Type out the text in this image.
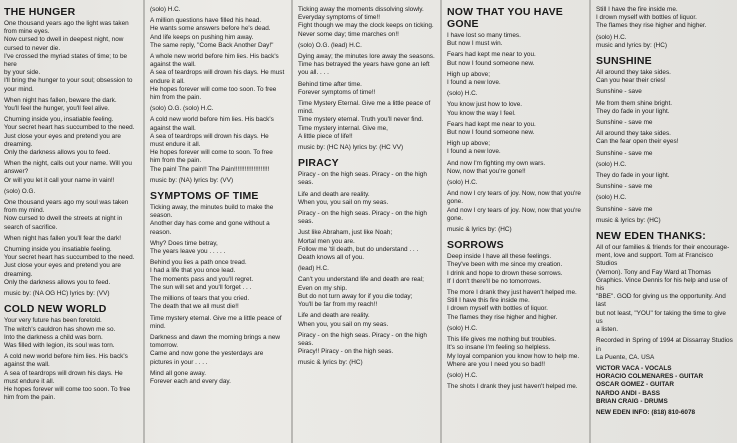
THE HUNGER
One thousand years ago the light was taken
from mine eyes.
Now cursed to dwell in deepest night, now
cursed to never die.
I've crossed the myriad states of time; to be here
by your side.
I'll bring the hunger to your soul; obsession to
your mind.
When night has fallen, beware the dark.
You'll feel the hunger, you'll feel alive.
Churning inside you, insatiable feeling.
Your secret heart has succumbed to the need.
Just close your eyes and pretend you are
dreaming.
Only the darkness allows you to feed.
When the night, calls out your name. Will you
answer?
Or will you let it call your name in vain!!
(solo) O.G.
One thousand years ago my soul was taken
from my mind.
Now cursed to dwell the streets at night in
search of sacrifice.
When night has fallen you'll fear the dark!
Churning inside you insatiable feeling.
Your secret heart has succumbed to the need.
Just close your eyes and pretend you are
dreaming.
Only the darkness allows you to feed.
music by: (NA OG HC) lyrics by: (VV)
COLD NEW WORLD
Your very future has been foretold.
The witch's cauldron has shown me so.
Into the darkness a child was born.
Was filled with legion, its soul was torn.
A cold new world before him lies. His back's
against the wall.
A sea of teardrops will drown his days. He
must endure it all.
He hopes forever will come too soon. To free
him from the pain.
(solo) H.C.
A million questions have filled his head.
He wants some answers before he's dead.
And life keeps on pushing him away.
The same reply, "Come Back Another Day!"
A whole new world before him lies. His back's
against the wall.
A sea of teardrops will drown his days. He must
endure it all.
He hopes forever will come too soon. To free
him from the pain.
(solo) O.G. (solo) H.C.
A cold new world before him lies. His back's
against the wall.
A sea of teardrops will drown his days. He
must endure it all.
He hopes forever will come to soon. To free
him from the pain.
The pain! The pain!! The Pain!!!!!!!!!!!!!!!!!!!!
music by: (NA) lyrics by: (VV)
SYMPTOMS OF TIME
Ticking away, the minutes build to make the
season.
Another day has come and gone without a
reason.
Why? Does time betray,
The years leave you . . . . .
Behind you lies a path once tread.
I had a life that you once lead.
The moments pass and you'll regret.
The sun will set and you'll forget . . .
The millions of tears that you cried.
The death that we all must die!!
Time mystery eternal. Give me a little peace of
mind.
Darkness and dawn the morning brings a new
tomorrow.
Came and now gone the yesterdays are
pictures in your . . . .
Mind all gone away.
Forever each and every day.
Ticking away the moments dissolving slowly.
Everyday symptoms of time!!
Fight though we may the clock keeps on ticking.
Never some day; time marches on!!
(solo) O.G. (lead) H.C.
Dying away; the minutes lore away the seasons.
Time has betrayed the years have gone an left
you all. . . .
Behind time after time.
Forever symptoms of time!!
Time Mystery Eternal. Give me a little peace of
mind.
Time mystery eternal. Truth you'll never find.
Time mystery internal. Give me,
A little piece of life!!
music by: (HC NA) lyrics by: (HC VV)
PIRACY
Piracy - on the high seas. Piracy - on the high
seas.
Life and death are reality.
When you, you sail on my seas.
Piracy - on the high seas. Piracy - on the high
seas.
Just like Abraham, just like Noah;
Mortal men you are.
Follow me 'til death, but do understand . . .
Death knows all of you.
(lead) H.C.
Can't you understand life and death are real;
Even on my ship.
But do not turn away for if you die today;
You'll be far from my reach!!
Life and death are reality.
When you, you sail on my seas.
Piracy - on the high seas. Piracy - on the high seas.
Piracy!! Piracy - on the high seas.
music & lyrics by: (HC)
NOW THAT YOU HAVE GONE
I have lost so many times.
But now I must win.
Fears had kept me near to you.
But now I found someone new.
High up above;
I found a new love.
(solo) H.C.
You know just how to love.
You know the way I feel.
Fears had kept me near to you.
But now I found someone new.
High up above;
I found a new love.
And now I'm fighting my own wars.
Now, now that you're gone!!
(solo) H.C.
And now I cry tears of joy. Now, now that you're
gone.
And now I cry tears of joy. Now, now that you're
gone.
music & lyrics by: (HC)
SORROWS
Deep inside I have all these feelings.
They've been with me since my creation.
I drink and hope to drown these sorrows.
If I don't there'll be no tomorrows.
The more I drank they just haven't helped me.
Still I have this fire inside me.
I drown myself with bottles of liquor.
The flames they rise higher and higher.
(solo) H.C.
This life gives me nothing but troubles.
It's so insane I'm feeling so helpless.
My loyal companion you know how to help me.
Where are you I need you so bad!!
(solo) H.C.
The shots I drank they just haven't helped me.
Still I have the fire inside me.
I drown myself with bottles of liquor.
The flames they rise higher and higher.
(solo) H.C.
music and lyrics by: (HC)
SUNSHINE
All around they take sides.
Can you hear their cries!
Sunshine - save
Me from them shine bright.
They do fade in your light.
Sunshine - save me
All around they take sides.
Can the fear open their eyes!
Sunshine - save me
(solo) H.C.
They do fade in your light.
Sunshine - save me
(solo) H.C.
Sunshine - save me
music & lyrics by: (HC)
NEW EDEN THANKS:
All of our families & friends for their encourage-
ment, love and support. Tom at Francisco Studios
(Vernon). Tony and Fay Ward at Thomas
Graphics. Vince Dennis for his help and use of his
"BBE". GOD for giving us the opportunity. And last
but not least, "YOU" for taking the time to give us
a listen.
Recorded in Spring of 1994 at Dissarray Studios in
La Puente, CA. USA
VICTOR VACA - VOCALS
HORACIO COLMENARES - GUITAR
OSCAR GOMEZ - GUITAR
NARDO ANDI - BASS
BRIAN CRAIG - DRUMS

NEW EDEN INFO: (818) 810-6078
